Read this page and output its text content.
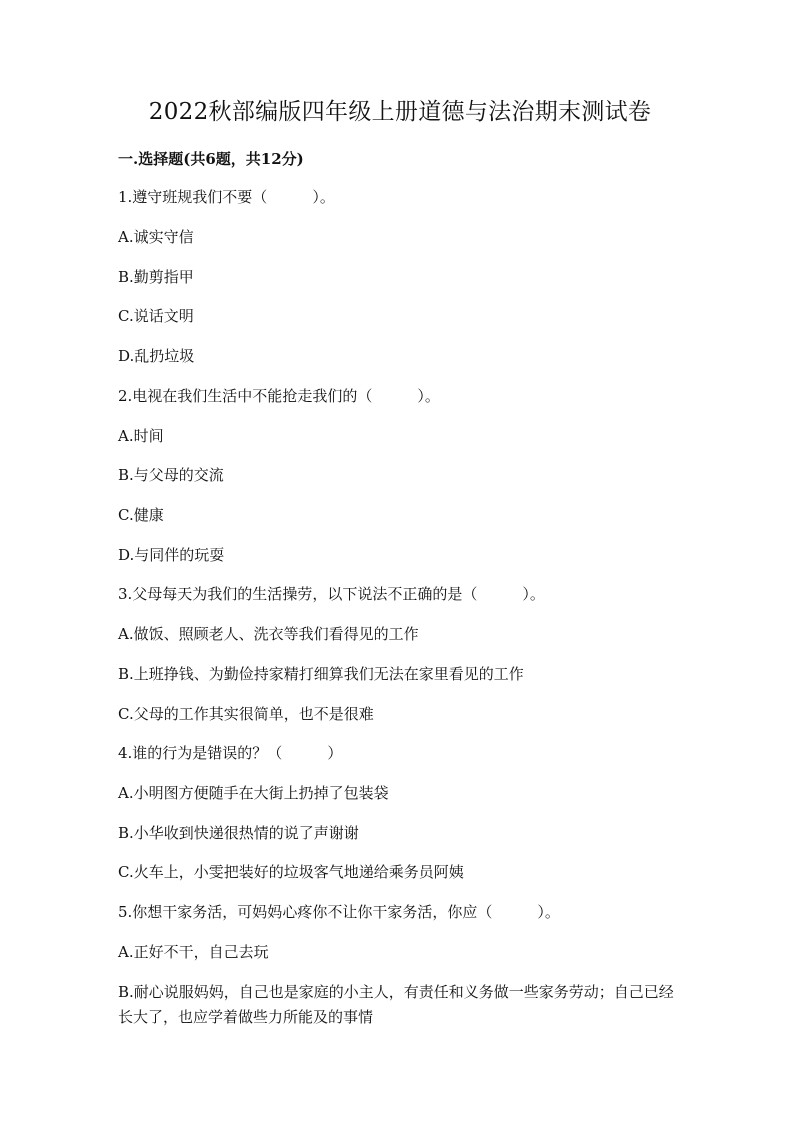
2022秋部编版四年级上册道德与法治期末测试卷
一.选择题(共6题，共12分)
1.遵守班规我们不要（　　　）。
A.诚实守信
B.勤剪指甲
C.说话文明
D.乱扔垃圾
2.电视在我们生活中不能抢走我们的（　　　）。
A.时间
B.与父母的交流
C.健康
D.与同伴的玩耍
3.父母每天为我们的生活操劳，以下说法不正确的是（　　　）。
A.做饭、照顾老人、洗衣等我们看得见的工作
B.上班挣钱、为勤俭持家精打细算我们无法在家里看见的工作
C.父母的工作其实很简单，也不是很难
4.谁的行为是错误的？（　　　）
A.小明图方便随手在大街上扔掉了包装袋
B.小华收到快递很热情的说了声谢谢
C.火车上，小雯把装好的垃圾客气地递给乘务员阿姨
5.你想干家务活，可妈妈心疼你不让你干家务活，你应（　　　）。
A.正好不干，自己去玩
B.耐心说服妈妈，自己也是家庭的小主人，有责任和义务做一些家务劳动；自己已经长大了，也应学着做些力所能及的事情
